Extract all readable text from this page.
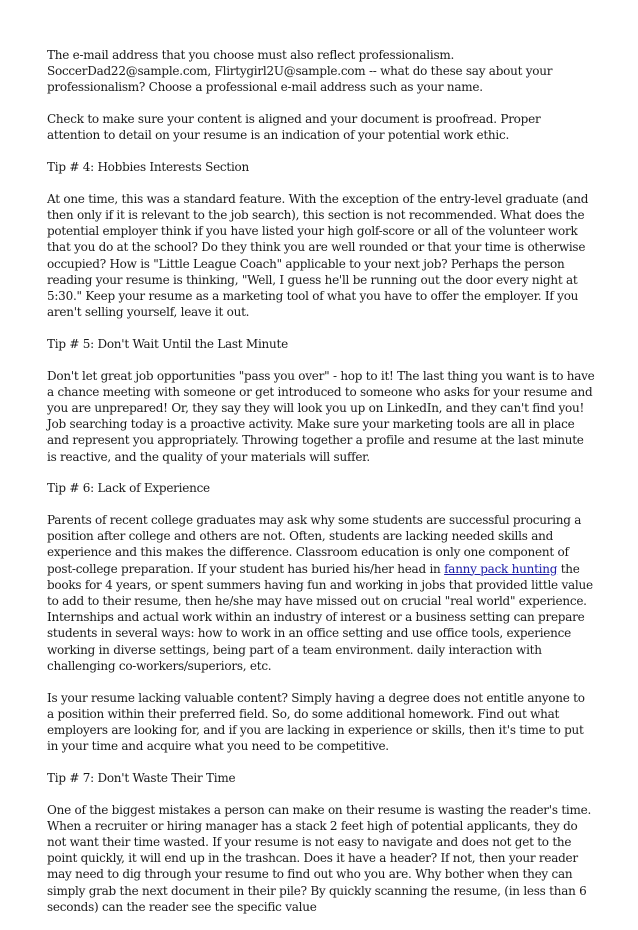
The e-mail address that you choose must also reflect professionalism. SoccerDad22@sample.com, Flirtygirl2U@sample.com -- what do these say about your professionalism? Choose a professional e-mail address such as your name.

Check to make sure your content is aligned and your document is proofread. Proper attention to detail on your resume is an indication of your potential work ethic.

Tip # 4: Hobbies Interests Section

At one time, this was a standard feature. With the exception of the entry-level graduate (and then only if it is relevant to the job search), this section is not recommended. What does the potential employer think if you have listed your high golf-score or all of the volunteer work that you do at the school? Do they think you are well rounded or that your time is otherwise occupied? How is "Little League Coach" applicable to your next job? Perhaps the person reading your resume is thinking, "Well, I guess he'll be running out the door every night at 5:30." Keep your resume as a marketing tool of what you have to offer the employer. If you aren't selling yourself, leave it out.

Tip # 5: Don't Wait Until the Last Minute

Don't let great job opportunities "pass you over" - hop to it! The last thing you want is to have a chance meeting with someone or get introduced to someone who asks for your resume and you are unprepared! Or, they say they will look you up on LinkedIn, and they can't find you! Job searching today is a proactive activity. Make sure your marketing tools are all in place and represent you appropriately. Throwing together a profile and resume at the last minute is reactive, and the quality of your materials will suffer.

Tip # 6: Lack of Experience

Parents of recent college graduates may ask why some students are successful procuring a position after college and others are not. Often, students are lacking needed skills and experience and this makes the difference. Classroom education is only one component of post-college preparation. If your student has buried his/her head in fanny pack hunting the books for 4 years, or spent summers having fun and working in jobs that provided little value to add to their resume, then he/she may have missed out on crucial "real world" experience. Internships and actual work within an industry of interest or a business setting can prepare students in several ways: how to work in an office setting and use office tools, experience working in diverse settings, being part of a team environment. daily interaction with challenging co-workers/superiors, etc.

Is your resume lacking valuable content? Simply having a degree does not entitle anyone to a position within their preferred field. So, do some additional homework. Find out what employers are looking for, and if you are lacking in experience or skills, then it's time to put in your time and acquire what you need to be competitive.

Tip # 7: Don't Waste Their Time

One of the biggest mistakes a person can make on their resume is wasting the reader's time. When a recruiter or hiring manager has a stack 2 feet high of potential applicants, they do not want their time wasted. If your resume is not easy to navigate and does not get to the point quickly, it will end up in the trashcan. Does it have a header? If not, then your reader may need to dig through your resume to find out who you are. Why bother when they can simply grab the next document in their pile? By quickly scanning the resume, (in less than 6 seconds) can the reader see the specific value
